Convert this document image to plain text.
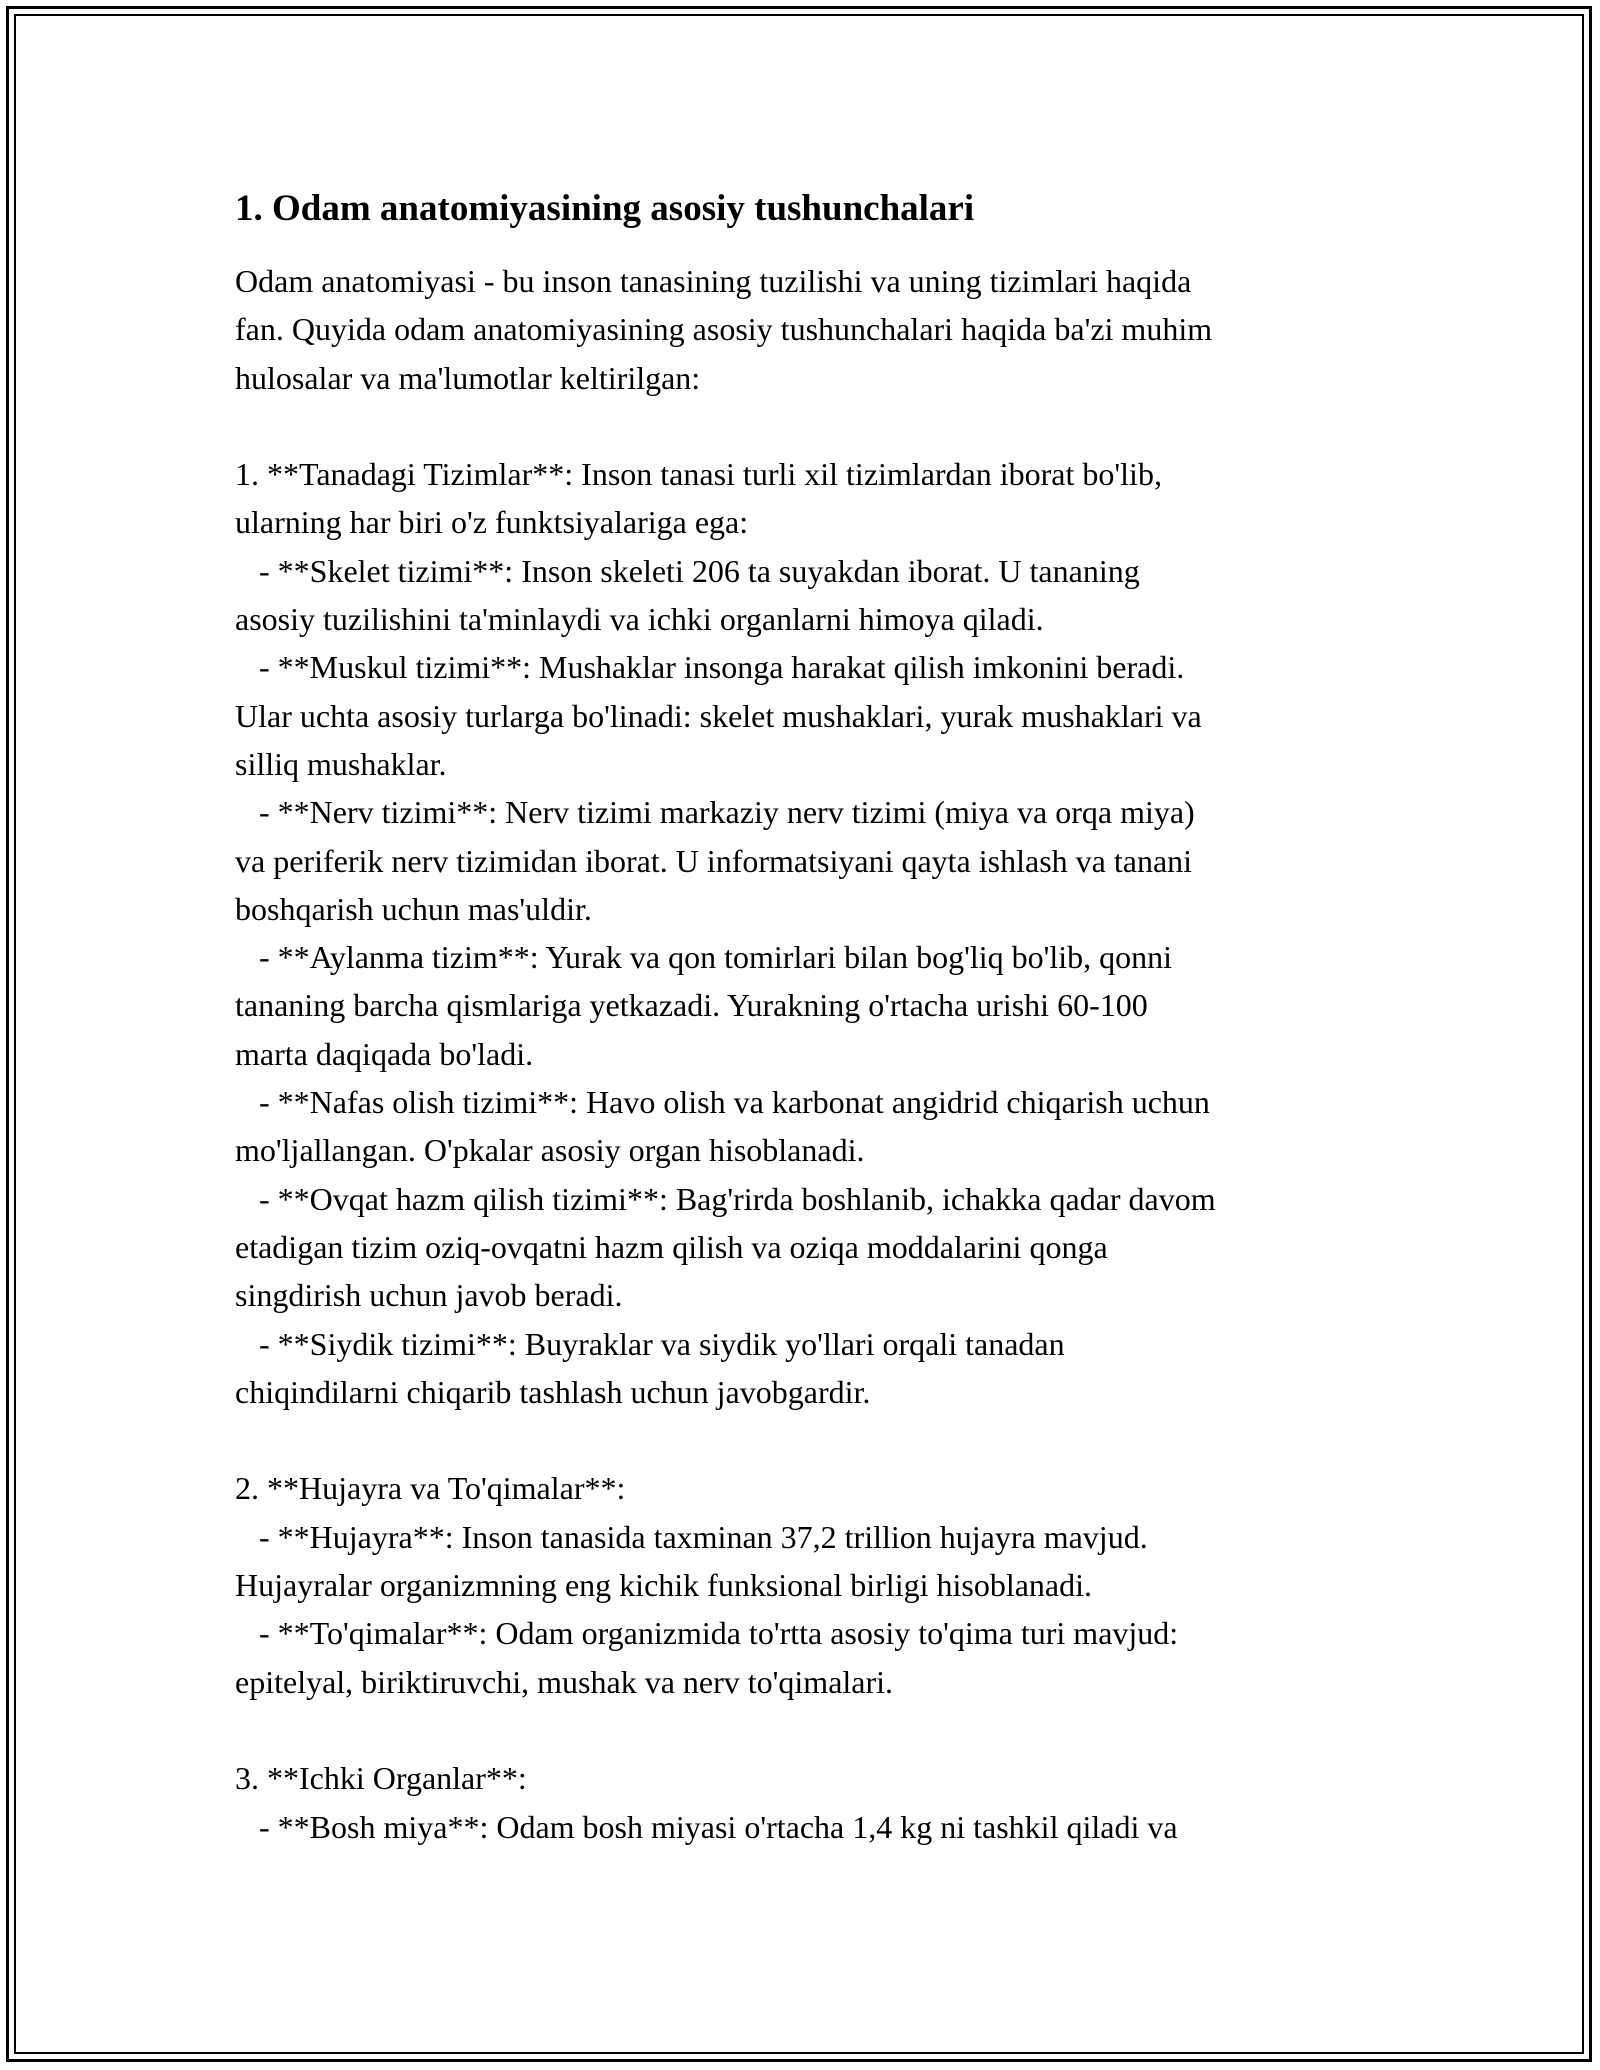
1. Odam anatomiyasining asosiy tushunchalari

Odam anatomiyasi - bu inson tanasining tuzilishi va uning tizimlari haqida
fan. Quyida odam anatomiyasining asosiy tushunchalari haqida ba'zi muhim
hulosalar va ma'lumotlar keltirilgan:

1. **Tanadagi Tizimlar**: Inson tanasi turli xil tizimlardan iborat bo'lib,
ularning har biri o'z funktsiyalariga ega:
- **Skelet tizimi**: Inson skeleti 206 ta suyakdan iborat. U tananing
asosiy tuzilishini ta'minlaydi va ichki organlarni himoya qiladi.
- **Muskul tizimi**: Mushaklar insonga harakat qilish imkonini beradi.
Ular uchta asosiy turlarga bo'linadi: skelet mushaklari, yurak mushaklari va
silliq mushaklar.
- **Nerv tizimi**: Nerv tizimi markaziy nerv tizimi (miya va orqa miya)
va periferik nerv tizimidan iborat. U informatsiyani qayta ishlash va tanani
boshqarish uchun mas'uldir.
- **Aylanma tizim**: Yurak va qon tomirlari bilan bog'liq bo'lib, qonni
tananing barcha qismlariga yetkazadi. Yurakning o'rtacha urishi 60-100
marta daqiqada bo'ladi.
- **Nafas olish tizimi**: Havo olish va karbonat angidrid chiqarish uchun
mo'ljallangan. O'pkalar asosiy organ hisoblanadi.
- **Ovqat hazm qilish tizimi**: Bag'rirda boshlanib, ichakka qadar davom
etadigan tizim oziq-ovqatni hazm qilish va oziqa moddalarini qonga
singdirish uchun javob beradi.
- **Siydik tizimi**: Buyraklar va siydik yo'llari orqali tanadan
chiqindilarni chiqarib tashlash uchun javobgardir.

2. **Hujayra va To'qimalar**:
- **Hujayra**: Inson tanasida taxminan 37,2 trillion hujayra mavjud.
Hujayralar organizmning eng kichik funksional birligi hisoblanadi.
- **To'qimalar**: Odam organizmida to'rtta asosiy to'qima turi mavjud:
epitelyal, biriktiruvchi, mushak va nerv to'qimalari.

3. **Ichki Organlar**:
- **Bosh miya**: Odam bosh miyasi o'rtacha 1,4 kg ni tashkil qiladi va
